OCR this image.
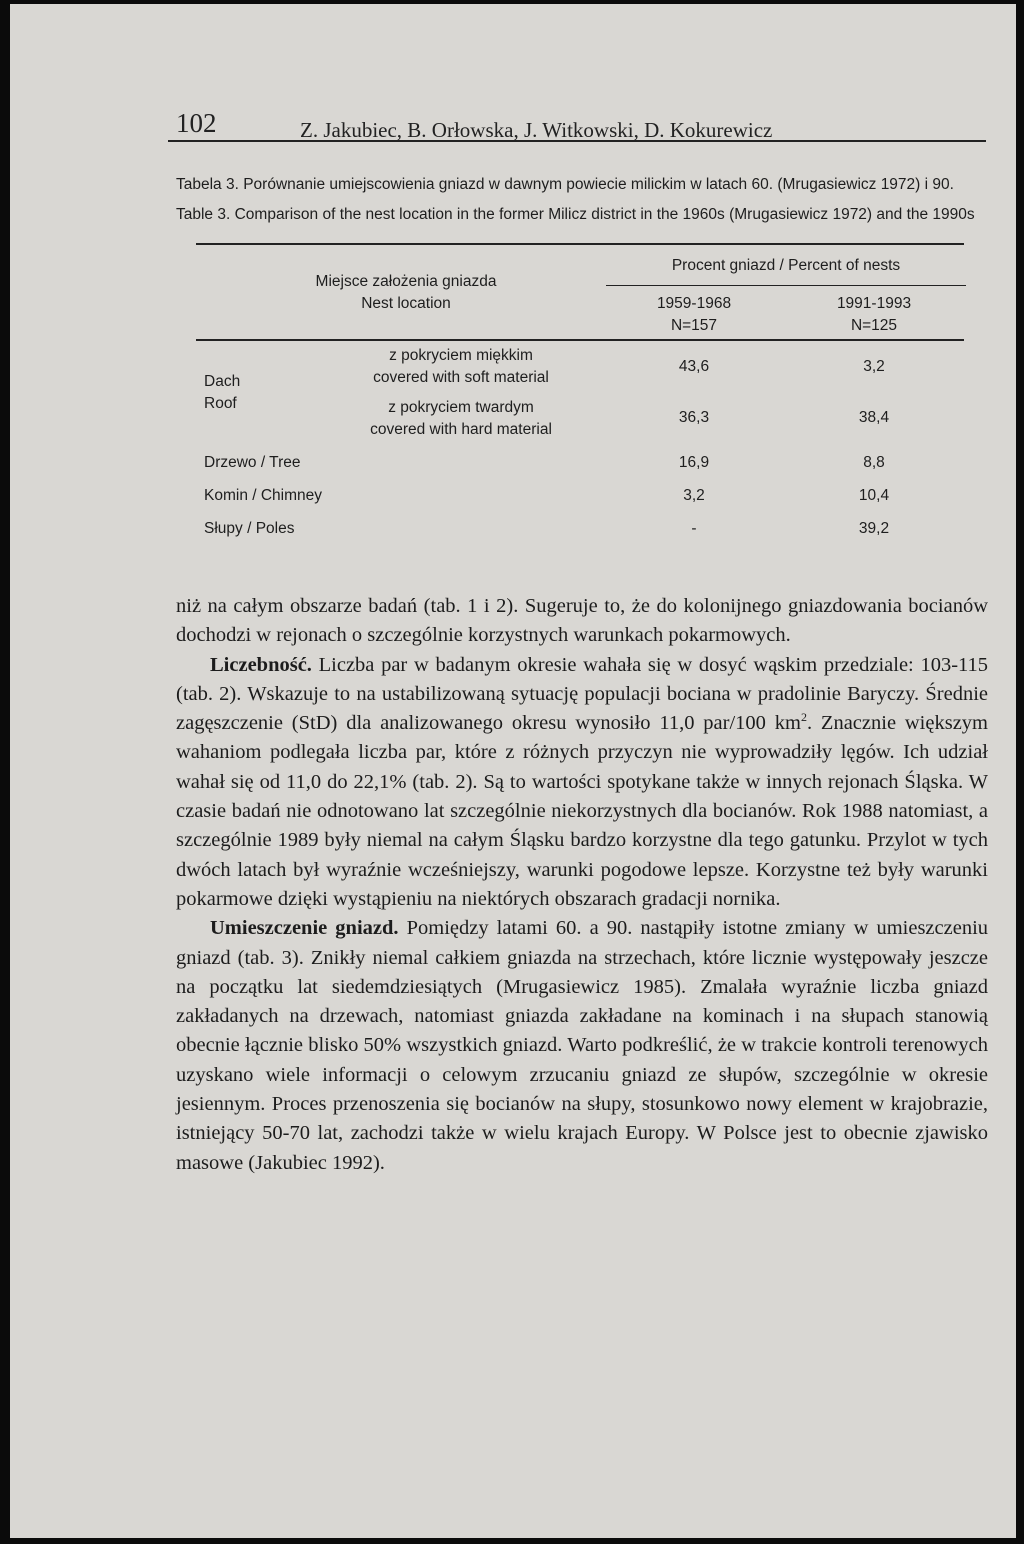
102	Z. Jakubiec, B. Orłowska, J. Witkowski, D. Kokurewicz
Tabela 3. Porównanie umiejscowienia gniazd w dawnym powiecie milickim w latach 60. (Mrugasiewicz 1972) i 90.
Table 3. Comparison of the nest location in the former Milicz district in the 1960s (Mrugasiewicz 1972) and the 1990s
Miejsce założenia gniazda
Nest location
Procent gniazd / Percent of nests
1959-1968
N=157
1991-1993
N=125
Dach
Roof
z pokryciem miękkim
covered with soft material
43,6	3,2
z pokryciem twardym
covered with hard material
36,3	38,4
Drzewo / Tree	16,9	8,8
Komin / Chimney	3,2	10,4
Słupy / Poles	-	39,2

niż na całym obszarze badań (tab. 1 i 2). Sugeruje to, że do kolonijnego gniazdowania bocianów dochodzi w rejonach o szczególnie korzystnych warunkach pokarmowych.

Liczebność. Liczba par w badanym okresie wahała się w dosyć wąskim przedziale: 103-115 (tab. 2). Wskazuje to na ustabilizowaną sytuację populacji bociana w pradolinie Baryczy. Średnie zagęszczenie (StD) dla analizowanego okresu wynosiło 11,0 par/100 $km^2$. Znacznie większym wahaniom podlegała liczba par, które z różnych przyczyn nie wyprowadziły lęgów. Ich udział wahał się od 11,0 do 22,1% (tab. 2). Są to wartości spotykane także w innych rejonach Śląska. W czasie badań nie odnotowano lat szczególnie niekorzystnych dla bocianów. Rok 1988 natomiast, a szczególnie 1989 były niemal na całym Śląsku bardzo korzystne dla tego gatunku. Przylot w tych dwóch latach był wyraźnie wcześniejszy, warunki pogodowe lepsze. Korzystne też były warunki pokarmowe dzięki wystąpieniu na niektórych obszarach gradacji nornika.

Umieszczenie gniazd. Pomiędzy latami 60. a 90. nastąpiły istotne zmiany w umieszczeniu gniazd (tab. 3). Znikły niemal całkiem gniazda na strzechach, które licznie występowały jeszcze na początku lat siedemdziesiątych (Mrugasiewicz 1985). Zmalała wyraźnie liczba gniazd zakładanych na drzewach, natomiast gniazda zakładane na kominach i na słupach stanowią obecnie łącznie blisko 50% wszystkich gniazd. Warto podkreślić, że w trakcie kontroli terenowych uzyskano wiele informacji o celowym zrzucaniu gniazd ze słupów, szczególnie w okresie jesiennym. Proces przenoszenia się bocianów na słupy, stosunkowo nowy element w krajobrazie, istniejący 50-70 lat, zachodzi także w wielu krajach Europy. W Polsce jest to obecnie zjawisko masowe (Jakubiec 1992).
